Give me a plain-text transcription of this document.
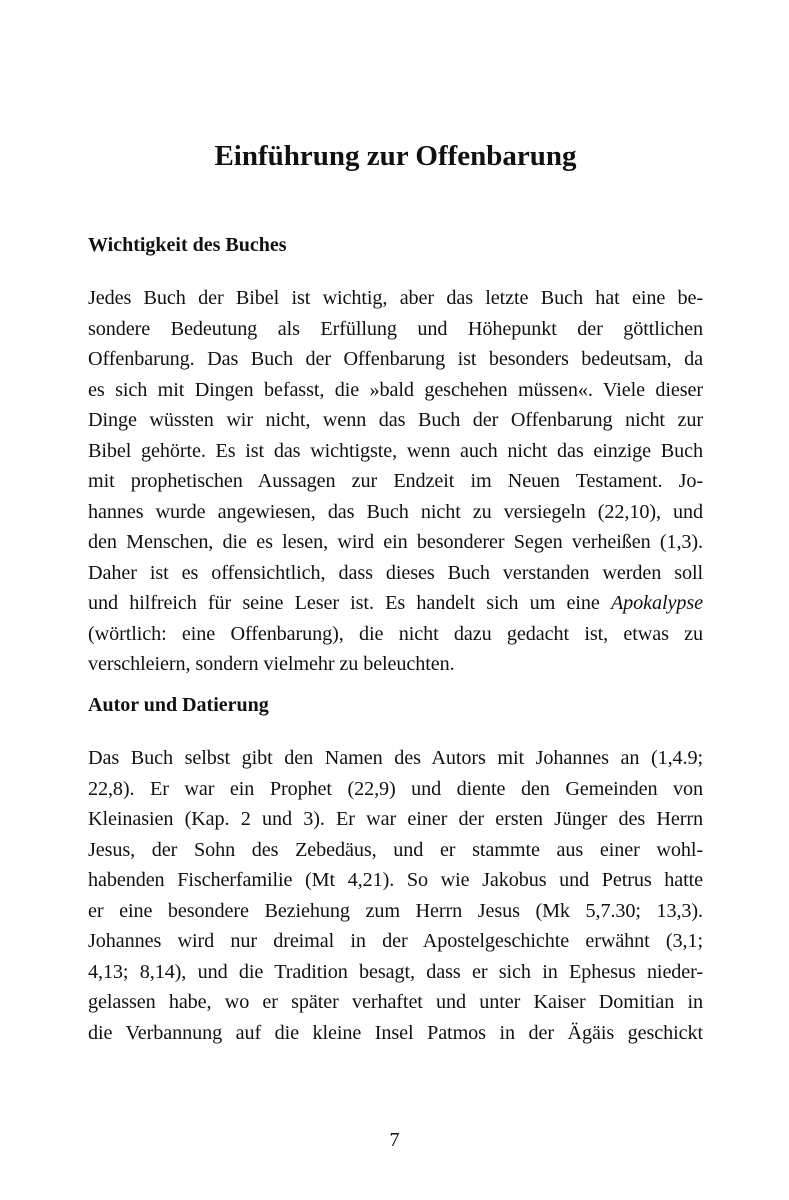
Einführung zur Offenbarung
Wichtigkeit des Buches
Jedes Buch der Bibel ist wichtig, aber das letzte Buch hat eine be-
sondere Bedeutung als Erfüllung und Höhepunkt der göttlichen
Offenbarung. Das Buch der Offenbarung ist besonders bedeutsam, da
es sich mit Dingen befasst, die »bald geschehen müssen«. Viele dieser
Dinge wüssten wir nicht, wenn das Buch der Offenbarung nicht zur
Bibel gehörte. Es ist das wichtigste, wenn auch nicht das einzige Buch
mit prophetischen Aussagen zur Endzeit im Neuen Testament. Jo-
hannes wurde angewiesen, das Buch nicht zu versiegeln (22,10), und
den Menschen, die es lesen, wird ein besonderer Segen verheißen (1,3).
Daher ist es offensichtlich, dass dieses Buch verstanden werden soll
und hilfreich für seine Leser ist. Es handelt sich um eine Apokalypse
(wörtlich: eine Offenbarung), die nicht dazu gedacht ist, etwas zu
verschleiern, sondern vielmehr zu beleuchten.
Autor und Datierung
Das Buch selbst gibt den Namen des Autors mit Johannes an (1,4.9;
22,8). Er war ein Prophet (22,9) und diente den Gemeinden von
Kleinasien (Kap. 2 und 3). Er war einer der ersten Jünger des Herrn
Jesus, der Sohn des Zebedäus, und er stammte aus einer wohl-
habenden Fischerfamilie (Mt 4,21). So wie Jakobus und Petrus hatte
er eine besondere Beziehung zum Herrn Jesus (Mk 5,7.30; 13,3).
Johannes wird nur dreimal in der Apostelgeschichte erwähnt (3,1;
4,13; 8,14), und die Tradition besagt, dass er sich in Ephesus nieder-
gelassen habe, wo er später verhaftet und unter Kaiser Domitian in
die Verbannung auf die kleine Insel Patmos in der Ägäis geschickt
7
